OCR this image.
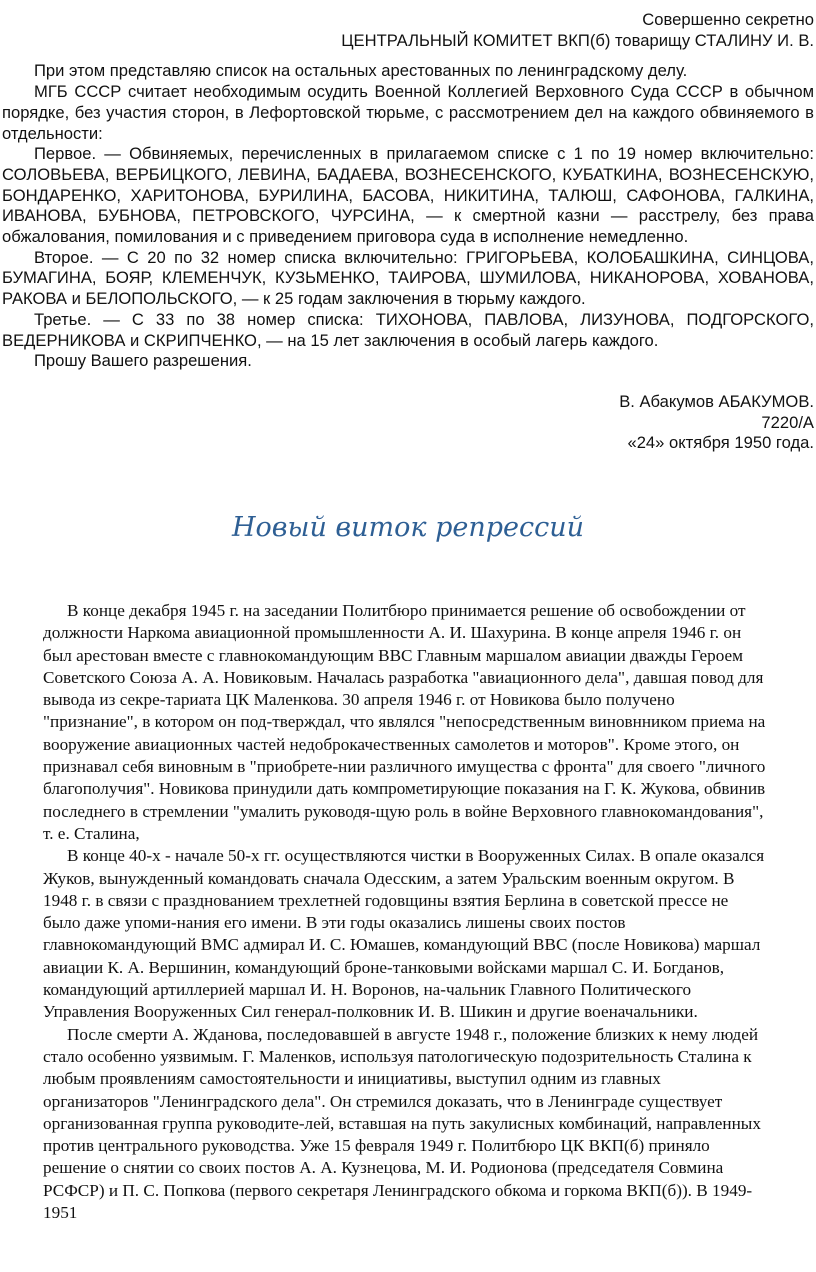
Совершенно секретно
ЦЕНТРАЛЬНЫЙ КОМИТЕТ ВКП(б) товарищу СТАЛИНУ И. В.
При этом представляю список на остальных арестованных по ленинградскому делу.
МГБ СССР считает необходимым осудить Военной Коллегией Верховного Суда СССР в обычном порядке, без участия сторон, в Лефортовской тюрьме, с рассмотрением дел на каждого обвиняемого в отдельности:
Первое. — Обвиняемых, перечисленных в прилагаемом списке с 1 по 19 номер включительно: СОЛОВЬЕВА, ВЕРБИЦКОГО, ЛЕВИНА, БАДАЕВА, ВОЗНЕСЕНСКОГО, КУБАТКИНА, ВОЗНЕСЕНСКУЮ, БОНДАРЕНКО, ХАРИТОНОВА, БУРИЛИНА, БАСОВА, НИКИТИНА, ТАЛЮШ, САФОНОВА, ГАЛКИНА, ИВАНОВА, БУБНОВА, ПЕТРОВСКОГО, ЧУРСИНА, — к смертной казни — расстрелу, без права обжалования, помилования и с приведением приговора суда в исполнение немедленно.
Второе. — С 20 по 32 номер списка включительно: ГРИГОРЬЕВА, КОЛОБАШКИНА, СИНЦОВА, БУМАГИНА, БОЯР, КЛЕМЕНЧУК, КУЗЬМЕНКО, ТАИРОВА, ШУМИЛОВА, НИКАНОРОВА, ХОВАНОВА, РАКОВА и БЕЛОПОЛЬСКОГО, — к 25 годам заключения в тюрьму каждого.
Третье. — С 33 по 38 номер списка: ТИХОНОВА, ПАВЛОВА, ЛИЗУНОВА, ПОДГОРСКОГО, ВЕДЕРНИКОВА и СКРИПЧЕНКО, — на 15 лет заключения в особый лагерь каждого.
Прошу Вашего разрешения.
В. Абакумов АБАКУМОВ.
7220/А
«24» октября 1950 года.
Новый виток репрессий

В конце декабря 1945 г. на заседании Политбюро принимается решение об освобождении от должности Наркома авиационной промышленности А. И. Шахурина. В конце апреля 1946 г. он был арестован вместе с главнокомандующим ВВС Главным маршалом авиации дважды Героем Советского Союза А. А. Новиковым. Началась разработка "авиационного дела", давшая повод для вывода из секре-тариата ЦК Маленкова. 30 апреля 1946 г. от Новикова было получено "признание", в котором он под-тверждал, что являлся "непосредственным виновнником приема на вооружение авиационных частей недоброкачественных самолетов и моторов". Кроме этого, он признавал себя виновным в "приобрете-нии различного имущества с фронта" для своего "личного благополучия". Новикова принудили дать компрометирующие показания на Г. К. Жукова, обвинив последнего в стремлении "умалить руководя-щую роль в войне Верховного главнокомандования", т. е. Сталина,

В конце 40-х - начале 50-х гг. осуществляются чистки в Вооруженных Силах. В опале оказался Жуков, вынужденный командовать сначала Одесским, а затем Уральским военным округом. В 1948 г. в связи с празднованием трехлетней годовщины взятия Берлина в советской прессе не было даже упоми-нания его имени. В эти годы оказались лишены своих постов главнокомандующий ВМС адмирал И. С. Юмашев, командующий ВВС (после Новикова) маршал авиации К. А. Вершинин, командующий броне-танковыми войсками маршал С. И. Богданов, командующий артиллерией маршал И. Н. Воронов, на-чальник Главного Политического Управления Вооруженных Сил генерал-полковник И. В. Шикин и другие военачальники.

После смерти А. Жданова, последовавшей в августе 1948 г., положение близких к нему людей стало особенно уязвимым. Г. Маленков, используя патологическую подозрительность Сталина к любым проявлениям самостоятельности и инициативы, выступил одним из главных организаторов "Ленинградского дела". Он стремился доказать, что в Ленинграде существует организованная группа руководите-лей, вставшая на путь закулисных комбинаций, направленных против центрального руководства. Уже 15 февраля 1949 г. Политбюро ЦК ВКП(б) приняло решение о снятии со своих постов А. А. Кузнецова, М. И. Родионова (председателя Совмина РСФСР) и П. С. Попкова (первого секретаря Ленинградского обкома и горкома ВКП(б)). В 1949-1951
